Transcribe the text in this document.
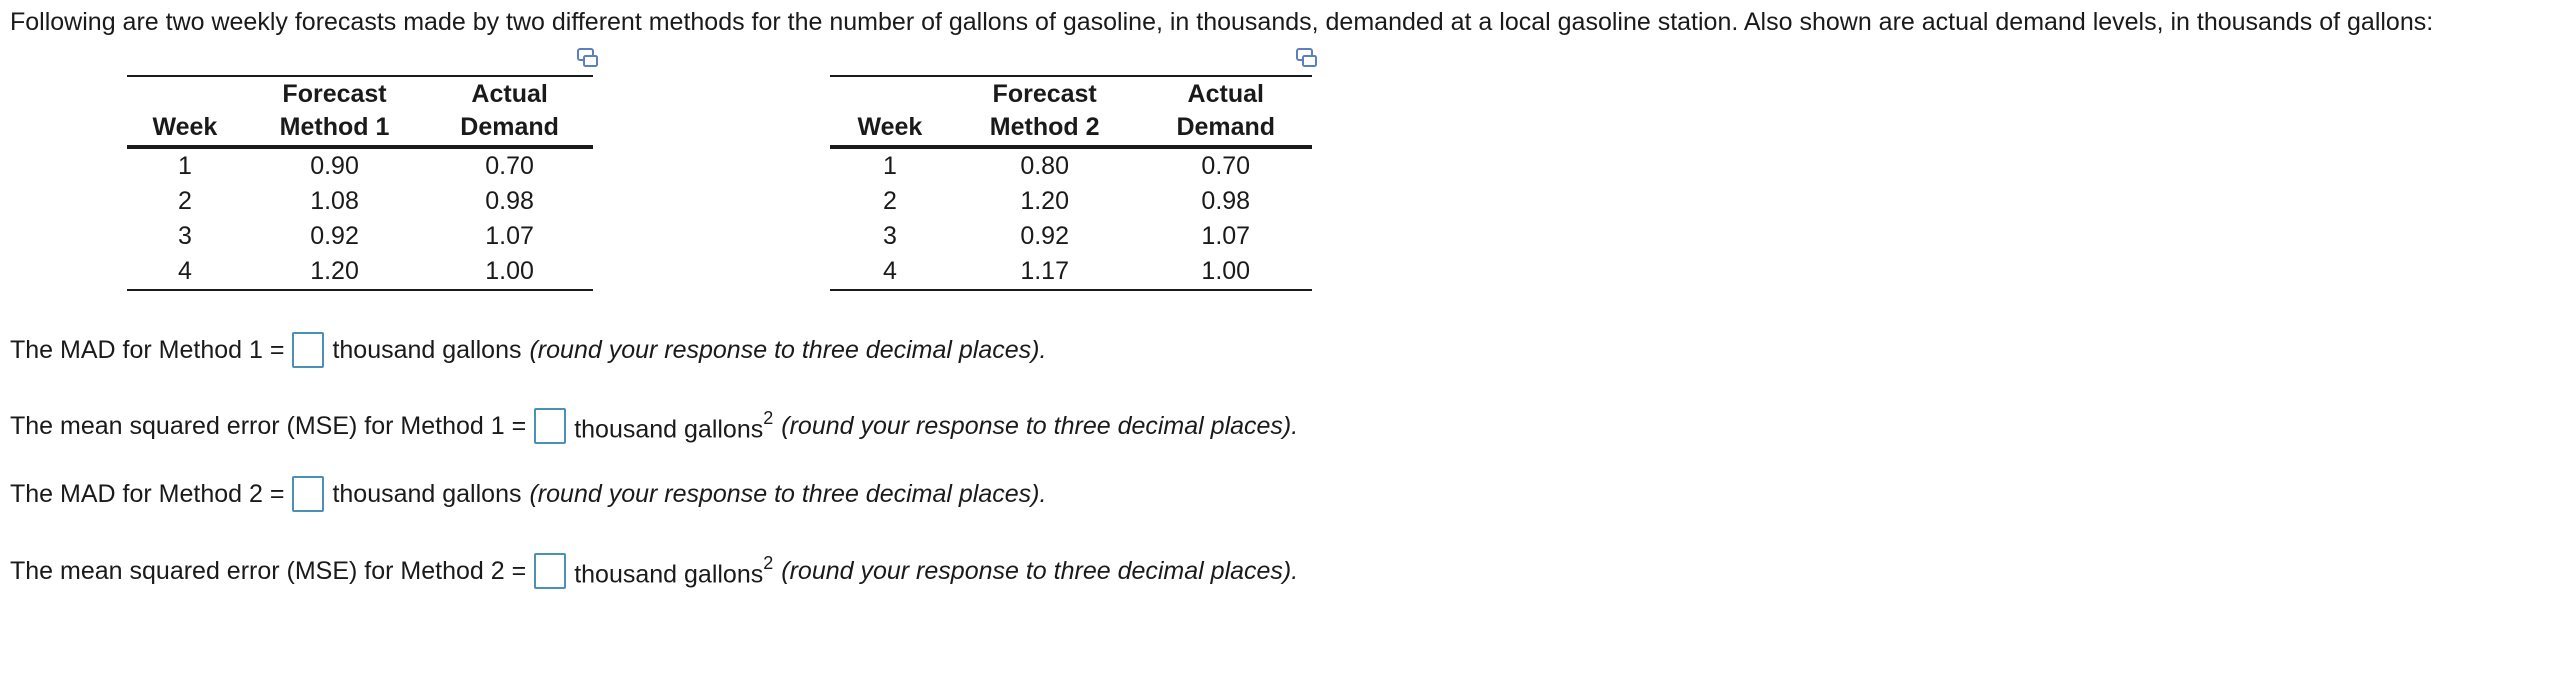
Following are two weekly forecasts made by two different methods for the number of gallons of gasoline, in thousands, demanded at a local gasoline station. Also shown are actual demand levels, in thousands of gallons:
	Forecast	Actual
Week	Method 1	Demand
1	0.90	0.70
2	1.08	0.98
3	0.92	1.07
4	1.20	1.00
	Forecast	Actual
Week	Method 2	Demand
1	0.80	0.70
2	1.20	0.98
3	0.92	1.07
4	1.17	1.00
The MAD for Method 1 = thousand gallons (round your response to three decimal places).
The mean squared error (MSE) for Method 1 = thousand gallons$^2$ (round your response to three decimal places).
The MAD for Method 2 = thousand gallons (round your response to three decimal places).
The mean squared error (MSE) for Method 2 = thousand gallons$^2$ (round your response to three decimal places).
